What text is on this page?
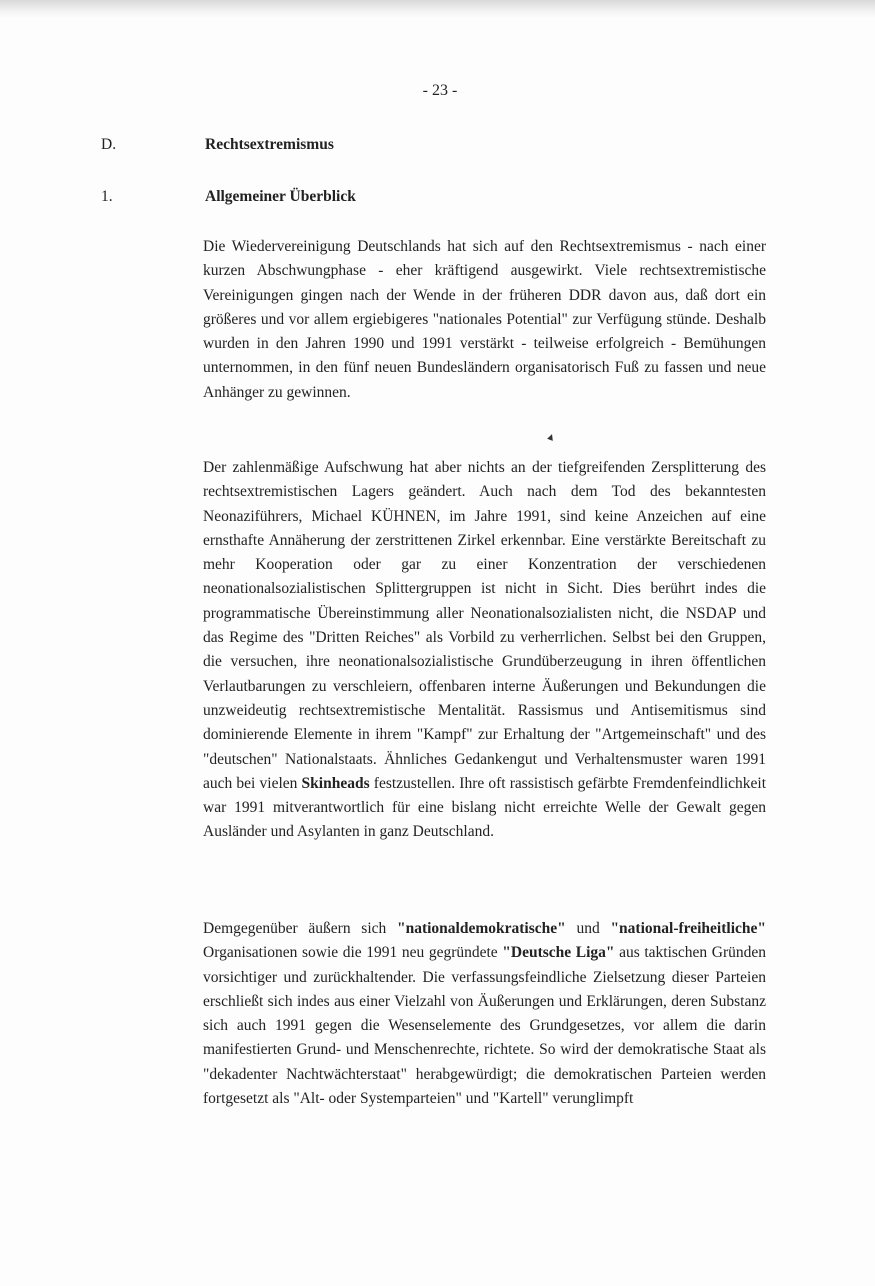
- 23 -
D.	Rechtsextremismus
1.	Allgemeiner Überblick
Die Wiedervereinigung Deutschlands hat sich auf den Rechtsextremismus - nach einer kurzen Abschwungphase - eher kräftigend ausgewirkt. Viele rechtsextremistische Vereinigungen gingen nach der Wende in der früheren DDR davon aus, daß dort ein größeres und vor allem ergiebigeres "nationales Potential" zur Verfügung stünde. Deshalb wurden in den Jahren 1990 und 1991 verstärkt - teilweise erfolgreich - Bemühungen unternommen, in den fünf neuen Bundesländern organisatorisch Fuß zu fassen und neue Anhänger zu gewinnen.
Der zahlenmäßige Aufschwung hat aber nichts an der tiefgreifenden Zersplitterung des rechtsextremistischen Lagers geändert. Auch nach dem Tod des bekanntesten Neonaziführers, Michael KÜHNEN, im Jahre 1991, sind keine Anzeichen auf eine ernsthafte Annäherung der zerstrittenen Zirkel erkennbar. Eine verstärkte Bereitschaft zu mehr Kooperation oder gar zu einer Konzentration der verschiedenen neonationalsozialistischen Splittergruppen ist nicht in Sicht. Dies berührt indes die programmatische Übereinstimmung aller Neonationalsozialisten nicht, die NSDAP und das Regime des "Dritten Reiches" als Vorbild zu verherrlichen. Selbst bei den Gruppen, die versuchen, ihre neonationalsozialistische Grundüberzeugung in ihren öffentlichen Verlautbarungen zu verschleiern, offenbaren interne Äußerungen und Bekundungen die unzweideutig rechtsextremistische Mentalität. Rassismus und Antisemitismus sind dominierende Elemente in ihrem "Kampf" zur Erhaltung der "Artgemeinschaft" und des "deutschen" Nationalstaats. Ähnliches Gedankengut und Verhaltensmuster waren 1991 auch bei vielen Skinheads festzustellen. Ihre oft rassistisch gefärbte Fremdenfeindlichkeit war 1991 mitverantwortlich für eine bislang nicht erreichte Welle der Gewalt gegen Ausländer und Asylanten in ganz Deutschland.
Demgegenüber äußern sich "nationaldemokratische" und "national-freiheitliche" Organisationen sowie die 1991 neu gegründete "Deutsche Liga" aus taktischen Gründen vorsichtiger und zurückhaltender. Die verfassungsfeindliche Zielsetzung dieser Parteien erschließt sich indes aus einer Vielzahl von Äußerungen und Erklärungen, deren Substanz sich auch 1991 gegen die Wesenselemente des Grundgesetzes, vor allem die darin manifestierten Grund- und Menschenrechte, richtete. So wird der demokratische Staat als "dekadenter Nachtwächterstaat" herabgewürdigt; die demokratischen Parteien werden fortgesetzt als "Alt- oder Systemparteien" und "Kartell" verunglimpft
